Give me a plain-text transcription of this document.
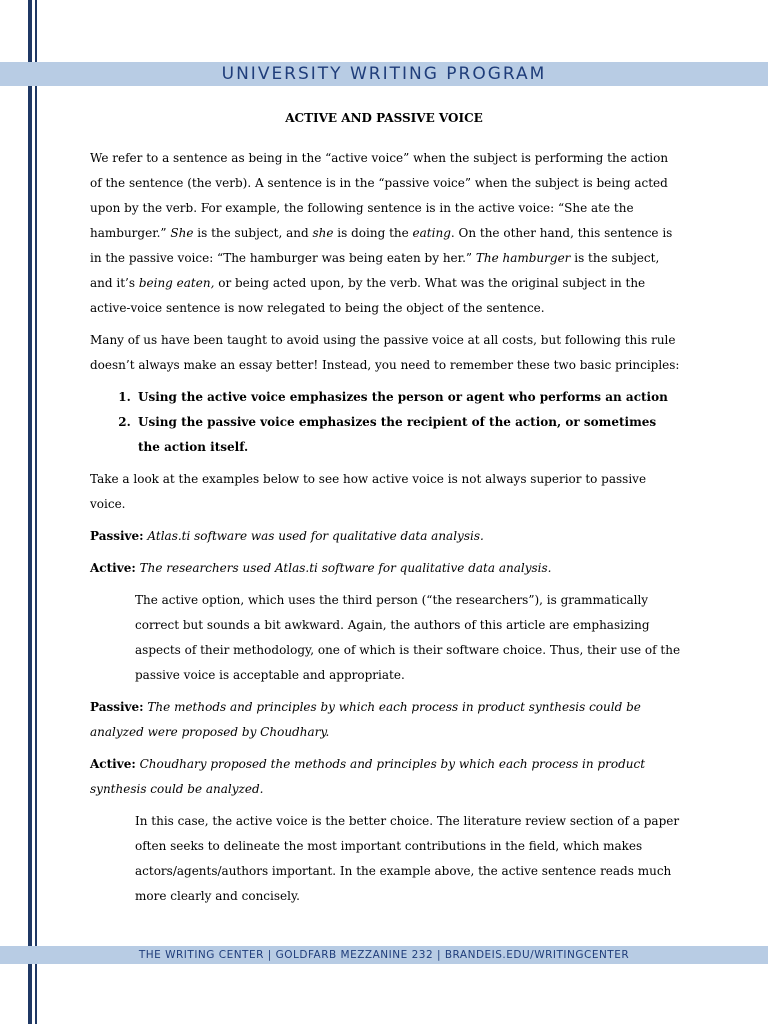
UNIVERSITY WRITING PROGRAM
ACTIVE AND PASSIVE VOICE

We refer to a sentence as being in the “active voice” when the subject is performing the action of the sentence (the verb). A sentence is in the “passive voice” when the subject is being acted upon by the verb. For example, the following sentence is in the active voice: “She ate the hamburger.” She is the subject, and she is doing the eating. On the other hand, this sentence is in the passive voice: “The hamburger was being eaten by her.” The hamburger is the subject, and it’s being eaten, or being acted upon, by the verb. What was the original subject in the active-voice sentence is now relegated to being the object of the sentence.

Many of us have been taught to avoid using the passive voice at all costs, but following this rule doesn’t always make an essay better! Instead, you need to remember these two basic principles:

1. Using the active voice emphasizes the person or agent who performs an action
2. Using the passive voice emphasizes the recipient of the action, or sometimes the action itself.

Take a look at the examples below to see how active voice is not always superior to passive voice.

Passive: Atlas.ti software was used for qualitative data analysis.

Active: The researchers used Atlas.ti software for qualitative data analysis.

The active option, which uses the third person (“the researchers”), is grammatically correct but sounds a bit awkward. Again, the authors of this article are emphasizing aspects of their methodology, one of which is their software choice. Thus, their use of the passive voice is acceptable and appropriate.

Passive: The methods and principles by which each process in product synthesis could be analyzed were proposed by Choudhary.

Active: Choudhary proposed the methods and principles by which each process in product synthesis could be analyzed.

In this case, the active voice is the better choice. The literature review section of a paper often seeks to delineate the most important contributions in the field, which makes actors/agents/authors important. In the example above, the active sentence reads much more clearly and concisely.

THE WRITING CENTER | GOLDFARB MEZZANINE 232 | BRANDEIS.EDU/WRITINGCENTER
